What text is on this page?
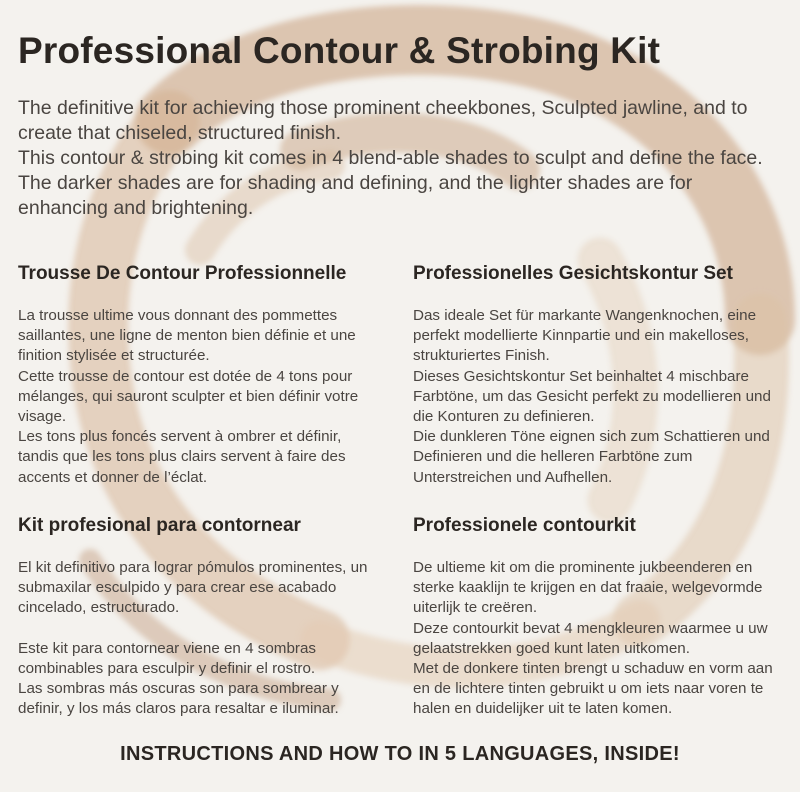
Professional Contour & Strobing Kit

The definitive kit for achieving those prominent cheekbones, Sculpted jawline, and to create that chiseled, structured finish.

This contour & strobing kit comes in 4 blend-able shades to sculpt and define the face. The darker shades are for shading and defining, and the lighter shades are for enhancing and brightening.

Trousse De Contour Professionnelle

La trousse ultime vous donnant des pommettes saillantes, une ligne de menton bien définie et une finition stylisée et structurée.

Cette trousse de contour est dotée de 4 tons pour mélanges, qui sauront sculpter et bien définir votre visage.

Les tons plus foncés servent à ombrer et définir, tandis que les tons plus clairs servent à faire des accents et donner de l’éclat.

Professionelles Gesichtskontur Set

Das ideale Set für markante Wangenknochen, eine perfekt modellierte Kinnpartie und ein makelloses, strukturiertes Finish.

Dieses Gesichtskontur Set beinhaltet 4 mischbare Farbtöne, um das Gesicht perfekt zu modellieren und die Konturen zu definieren.

Die dunkleren Töne eignen sich zum Schattieren und Definieren und die helleren Farbtöne zum Unterstreichen und Aufhellen.

Kit profesional para contornear

El kit definitivo para lograr pómulos prominentes, un submaxilar esculpido y para crear ese acabado cincelado, estructurado.

Este kit para contornear viene en 4 sombras combinables para esculpir y definir el rostro.

Las sombras más oscuras son para sombrear y definir, y los más claros para resaltar e iluminar.

Professionele contourkit

De ultieme kit om die prominente jukbeenderen en sterke kaaklijn te krijgen en dat fraaie, welgevormde uiterlijk te creëren.

Deze contourkit bevat 4 mengkleuren waarmee u uw gelaatstrekken goed kunt laten uitkomen.

Met de donkere tinten brengt u schaduw en vorm aan en de lichtere tinten gebruikt u om iets naar voren te halen en duidelijker uit te laten komen.

INSTRUCTIONS AND HOW TO IN 5 LANGUAGES, INSIDE!
